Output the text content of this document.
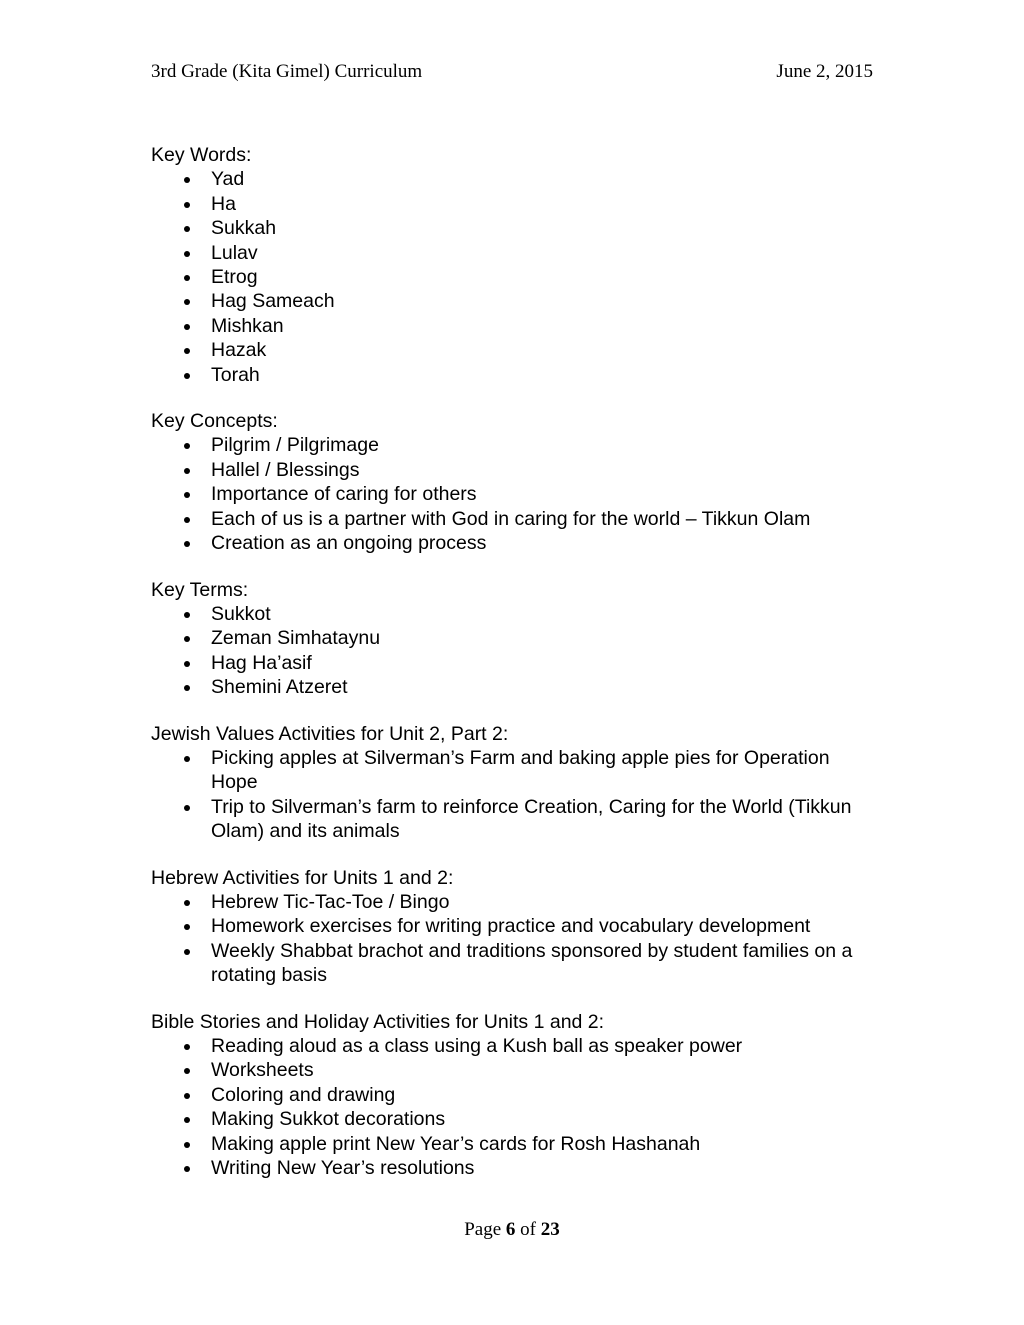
3rd Grade (Kita Gimel) Curriculum	June 2, 2015

Key Words:

Yad
Ha
Sukkah
Lulav
Etrog
Hag Sameach
Mishkan
Hazak
Torah

Key Concepts:

Pilgrim / Pilgrimage
Hallel / Blessings
Importance of caring for others
Each of us is a partner with God in caring for the world – Tikkun Olam
Creation as an ongoing process

Key Terms:

Sukkot
Zeman Simhataynu
Hag Ha’asif
Shemini Atzeret

Jewish Values Activities for Unit 2, Part 2:

Picking apples at Silverman’s Farm and baking apple pies for Operation Hope
Trip to Silverman’s farm to reinforce Creation, Caring for the World (Tikkun Olam) and its animals

Hebrew Activities for Units 1 and 2:

Hebrew Tic-Tac-Toe / Bingo
Homework exercises for writing practice and vocabulary development
Weekly Shabbat brachot and traditions sponsored by student families on a rotating basis

Bible Stories and Holiday Activities for Units 1 and 2:

Reading aloud as a class using a Kush ball as speaker power
Worksheets
Coloring and drawing
Making Sukkot decorations
Making apple print New Year’s cards for Rosh Hashanah
Writing New Year’s resolutions
Page 6 of 23
